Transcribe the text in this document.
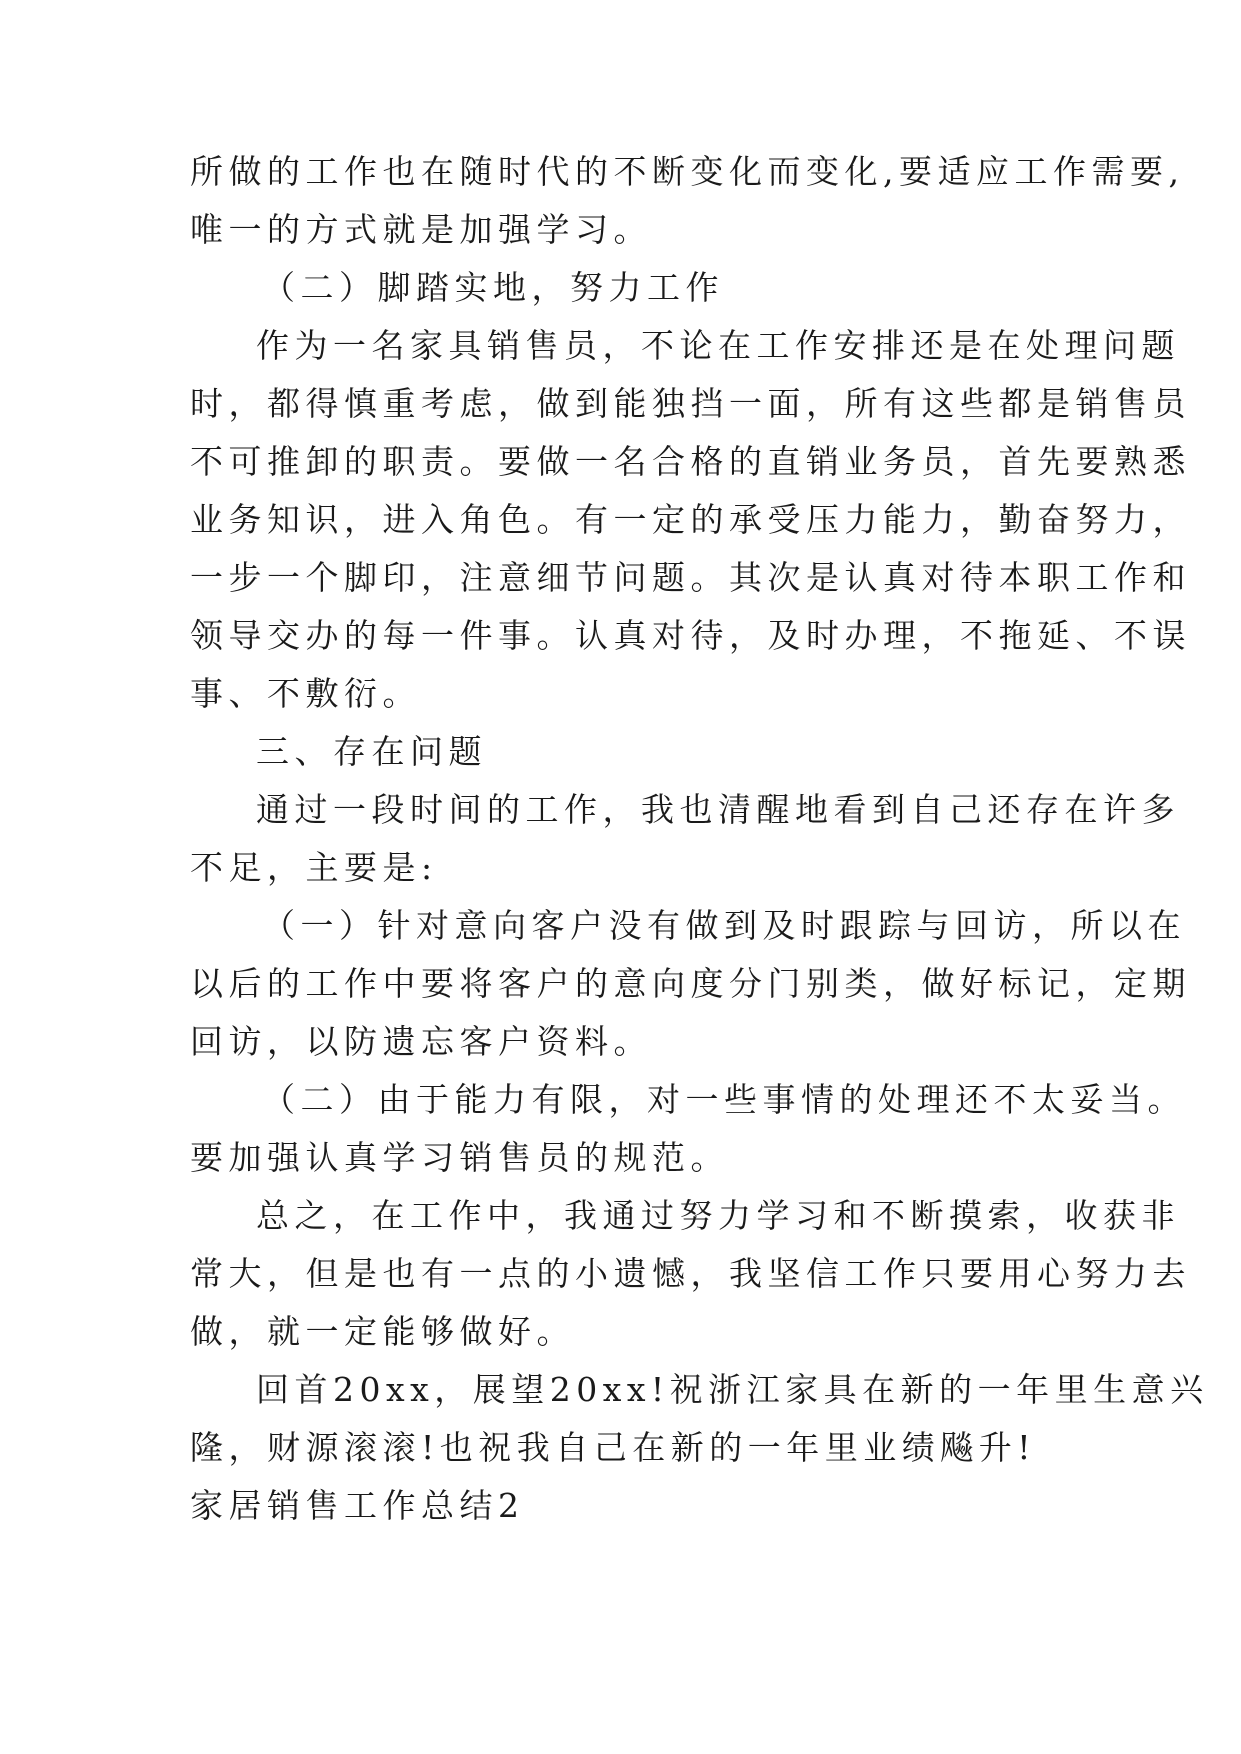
所做的工作也在随时代的不断变化而变化,要适应工作需要,
唯一的方式就是加强学习。
（二）脚踏实地，努力工作
作为一名家具销售员，不论在工作安排还是在处理问题
时，都得慎重考虑，做到能独挡一面，所有这些都是销售员
不可推卸的职责。要做一名合格的直销业务员，首先要熟悉
业务知识，进入角色。有一定的承受压力能力，勤奋努力，
一步一个脚印，注意细节问题。其次是认真对待本职工作和
领导交办的每一件事。认真对待，及时办理，不拖延、不误
事、不敷衍。
三、存在问题
通过一段时间的工作，我也清醒地看到自己还存在许多
不足，主要是:
（一）针对意向客户没有做到及时跟踪与回访，所以在
以后的工作中要将客户的意向度分门别类，做好标记，定期
回访，以防遗忘客户资料。
（二）由于能力有限，对一些事情的处理还不太妥当。
要加强认真学习销售员的规范。
总之，在工作中，我通过努力学习和不断摸索，收获非
常大，但是也有一点的小遗憾，我坚信工作只要用心努力去
做，就一定能够做好。
回首20xx，展望20xx!祝浙江家具在新的一年里生意兴
隆，财源滚滚!也祝我自己在新的一年里业绩飚升!
家居销售工作总结2
